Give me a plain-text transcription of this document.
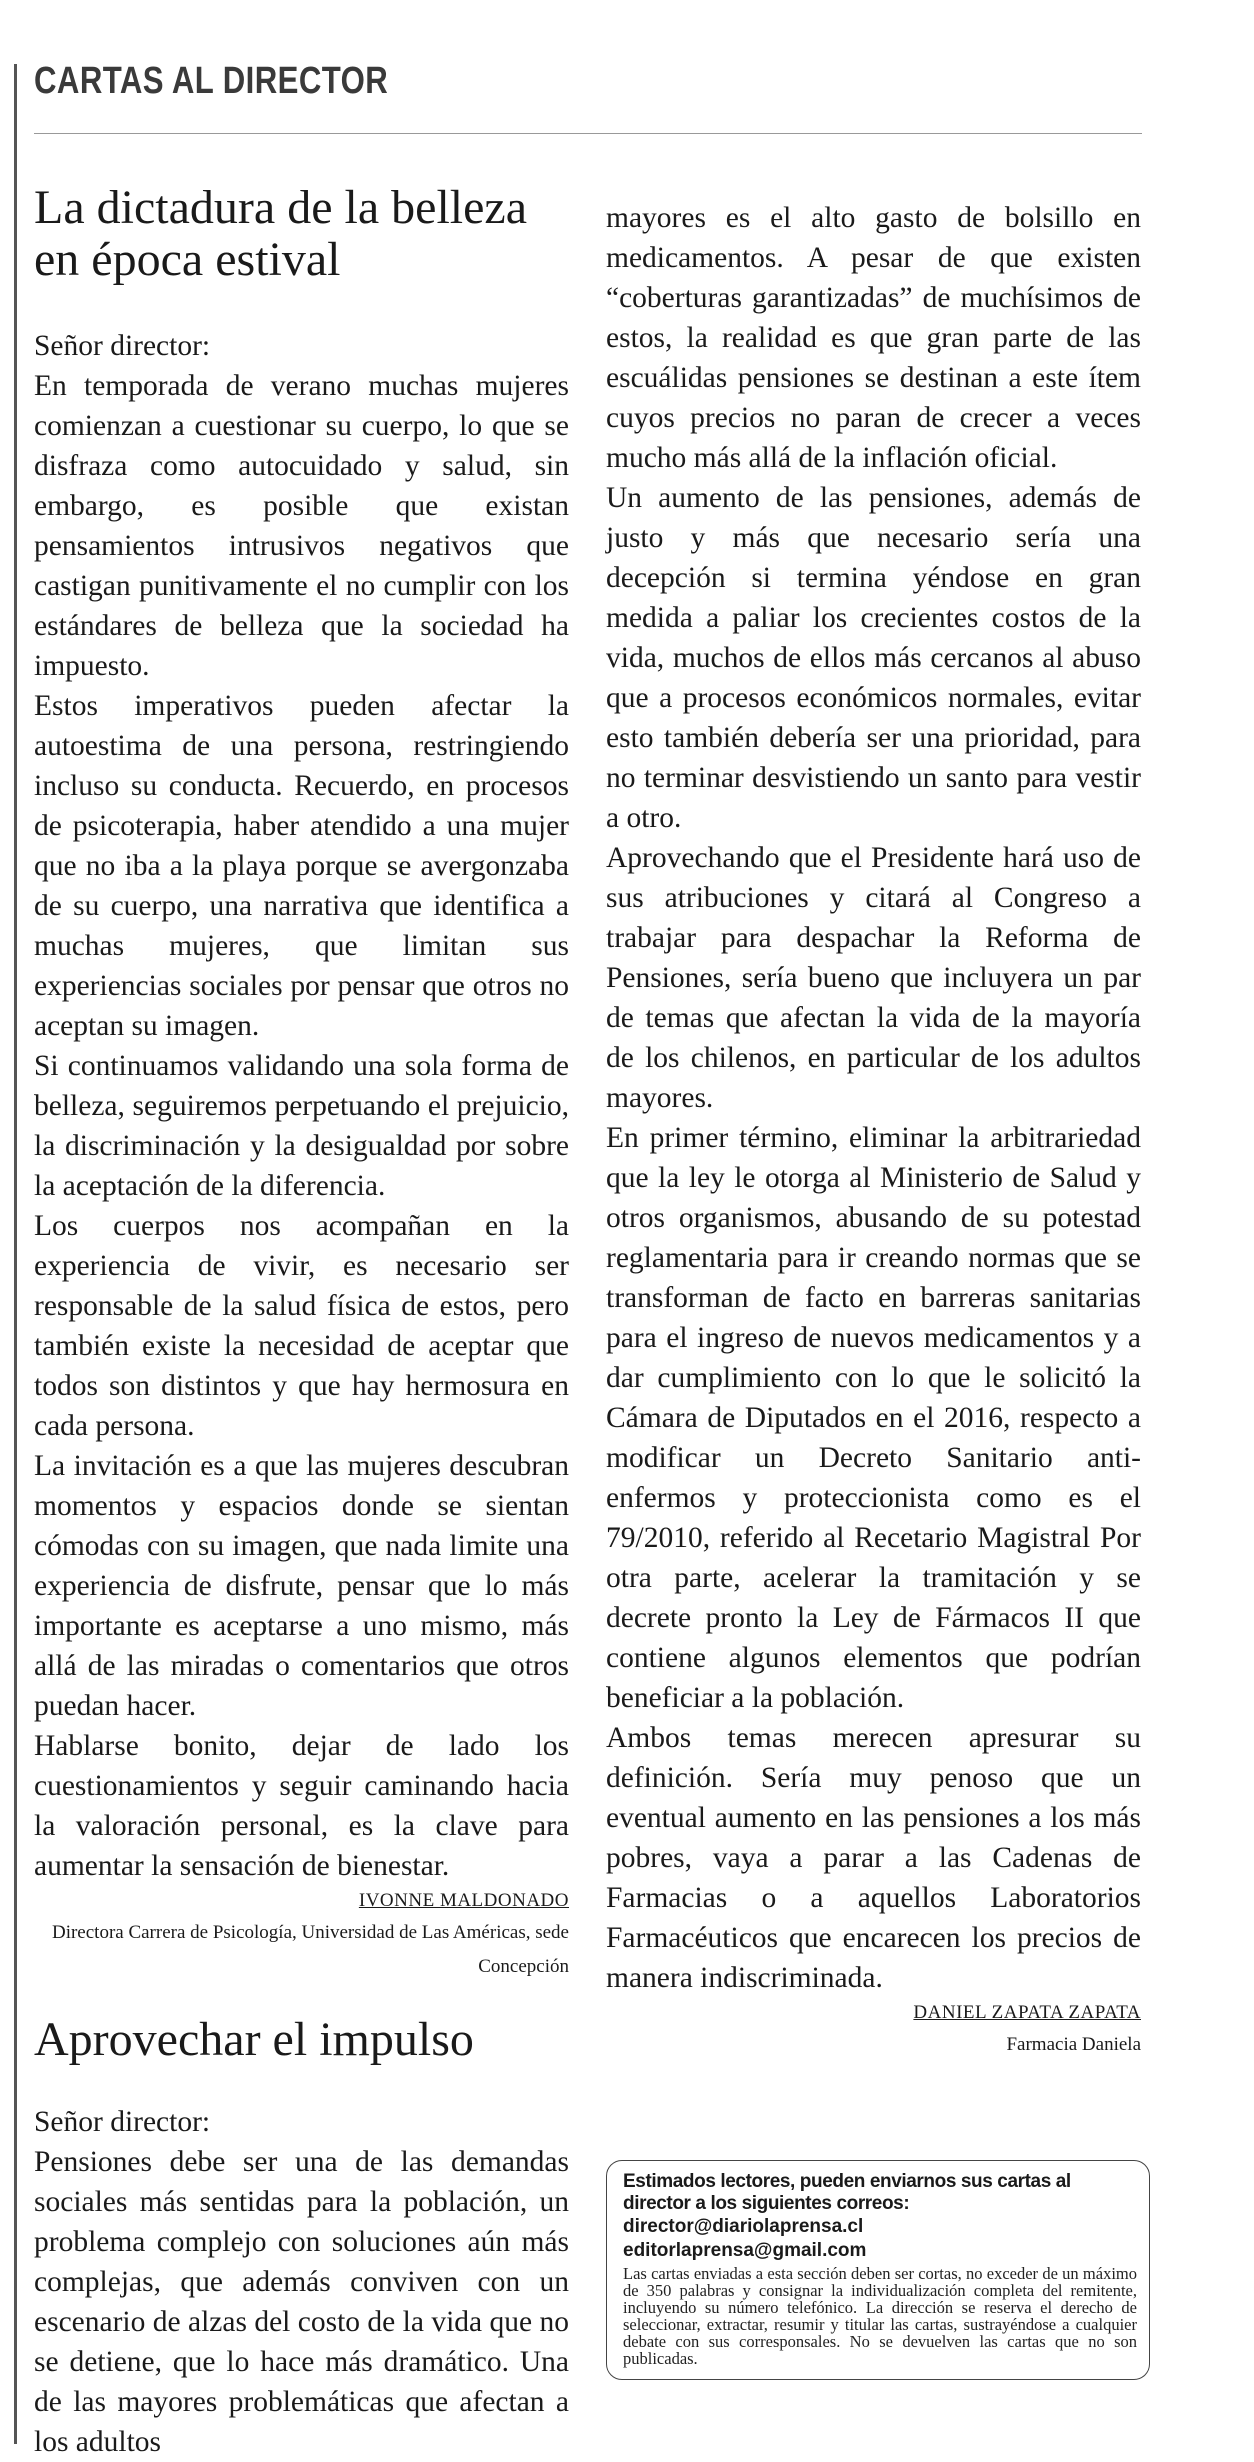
CARTAS AL DIRECTOR
La dictadura de la belleza en época estival

Señor director:

En temporada de verano muchas mujeres comienzan a cuestionar su cuerpo, lo que se disfraza como autocuidado y salud, sin embargo, es posible que existan pensamientos intrusivos negativos que castigan punitivamente el no cumplir con los estándares de belleza que la sociedad ha impuesto.

Estos imperativos pueden afectar la autoestima de una persona, restringiendo incluso su conducta. Recuerdo, en procesos de psicoterapia, haber atendido a una mujer que no iba a la playa porque se avergonzaba de su cuerpo, una narrativa que identifica a muchas mujeres, que limitan sus experiencias sociales por pensar que otros no aceptan su imagen.

Si continuamos validando una sola forma de belleza, seguiremos perpetuando el prejuicio, la discriminación y la desigualdad por sobre la aceptación de la diferencia.

Los cuerpos nos acompañan en la experiencia de vivir, es necesario ser responsable de la salud física de estos, pero también existe la necesidad de aceptar que todos son distintos y que hay hermosura en cada persona.

La invitación es a que las mujeres descubran momentos y espacios donde se sientan cómodas con su imagen, que nada limite una experiencia de disfrute, pensar que lo más importante es aceptarse a uno mismo, más allá de las miradas o comentarios que otros puedan hacer.

Hablarse bonito, dejar de lado los cuestionamientos y seguir caminando hacia la valoración personal, es la clave para aumentar la sensación de bienestar.

IVONNE MALDONADO
Directora Carrera de Psicología, Universidad de Las Américas, sede Concepción
Aprovechar el impulso

Señor director:

Pensiones debe ser una de las demandas sociales más sentidas para la población, un problema complejo con soluciones aún más complejas, que además conviven con un escenario de alzas del costo de la vida que no se detiene, que lo hace más dramático. Una de las mayores problemáticas que afectan a los adultos

mayores es el alto gasto de bolsillo en medicamentos. A pesar de que existen “coberturas garantizadas” de muchísimos de estos, la realidad es que gran parte de las escuálidas pensiones se destinan a este ítem cuyos precios no paran de crecer a veces mucho más allá de la inflación oficial.

Un aumento de las pensiones, además de justo y más que necesario sería una decepción si termina yéndose en gran medida a paliar los crecientes costos de la vida, muchos de ellos más cercanos al abuso que a procesos económicos normales, evitar esto también debería ser una prioridad, para no terminar desvistiendo un santo para vestir a otro.

Aprovechando que el Presidente hará uso de sus atribuciones y citará al Congreso a trabajar para despachar la Reforma de Pensiones, sería bueno que incluyera un par de temas que afectan la vida de la mayoría de los chilenos, en particular de los adultos mayores.

En primer término, eliminar la arbitrariedad que la ley le otorga al Ministerio de Salud y otros organismos, abusando de su potestad reglamentaria para ir creando normas que se transforman de facto en barreras sanitarias para el ingreso de nuevos medicamentos y a dar cumplimiento con lo que le solicitó la Cámara de Diputados en el 2016, respecto a modificar un Decreto Sanitario anti-enfermos y proteccionista como es el 79/2010, referido al Recetario Magistral Por otra parte, acelerar la tramitación y se decrete pronto la Ley de Fármacos II que contiene algunos elementos que podrían beneficiar a la población.

Ambos temas merecen apresurar su definición. Sería muy penoso que un eventual aumento en las pensiones a los más pobres, vaya a parar a las Cadenas de Farmacias o a aquellos Laboratorios Farmacéuticos que encarecen los precios de manera indiscriminada.

DANIEL ZAPATA ZAPATA
Farmacia Daniela

Estimados lectores, pueden enviarnos sus cartas al director a los siguientes correos:

director@diariolaprensa.cl

editorlaprensa@gmail.com

Las cartas enviadas a esta sección deben ser cortas, no exceder de un máximo de 350 palabras y consignar la individualización completa del remitente, incluyendo su número telefónico. La dirección se reserva el derecho de seleccionar, extractar, resumir y titular las cartas, sustrayéndose a cualquier debate con sus corresponsales. No se devuelven las cartas que no son publicadas.
